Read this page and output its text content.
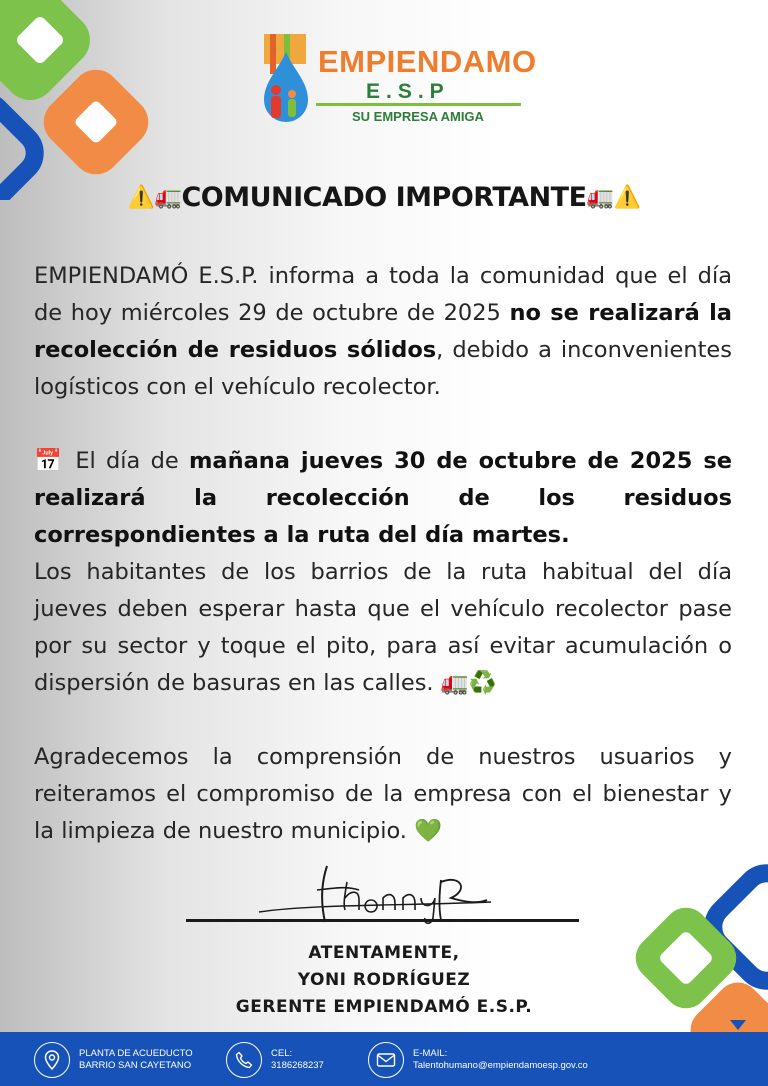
EMPIENDAMO
E.S.P
SU EMPRESA AMIGA
⚠️🚛COMUNICADO IMPORTANTE🚛⚠️

EMPIENDAMÓ E.S.P. informa a toda la comunidad que el día de hoy miércoles 29 de octubre de 2025 no se realizará la recolección de residuos sólidos, debido a inconvenientes logísticos con el vehículo recolector.

📅 El día de mañana jueves 30 de octubre de 2025 se realizará la recolección de los residuos correspondientes a la ruta del día martes.

Los habitantes de los barrios de la ruta habitual del día jueves deben esperar hasta que el vehículo recolector pase por su sector y toque el pito, para así evitar acumulación o dispersión de basuras en las calles. 🚛♻️

Agradecemos la comprensión de nuestros usuarios y reiteramos el compromiso de la empresa con el bienestar y la limpieza de nuestro municipio. 💚

ATENTAMENTE,
YONI RODRÍGUEZ
GERENTE EMPIENDAMÓ E.S.P.
PLANTA DE ACUEDUCTO
BARRIO SAN CAYETANO
CEL:
3186268237
E-MAIL:
Talentohumano@empiendamoesp.gov.co
